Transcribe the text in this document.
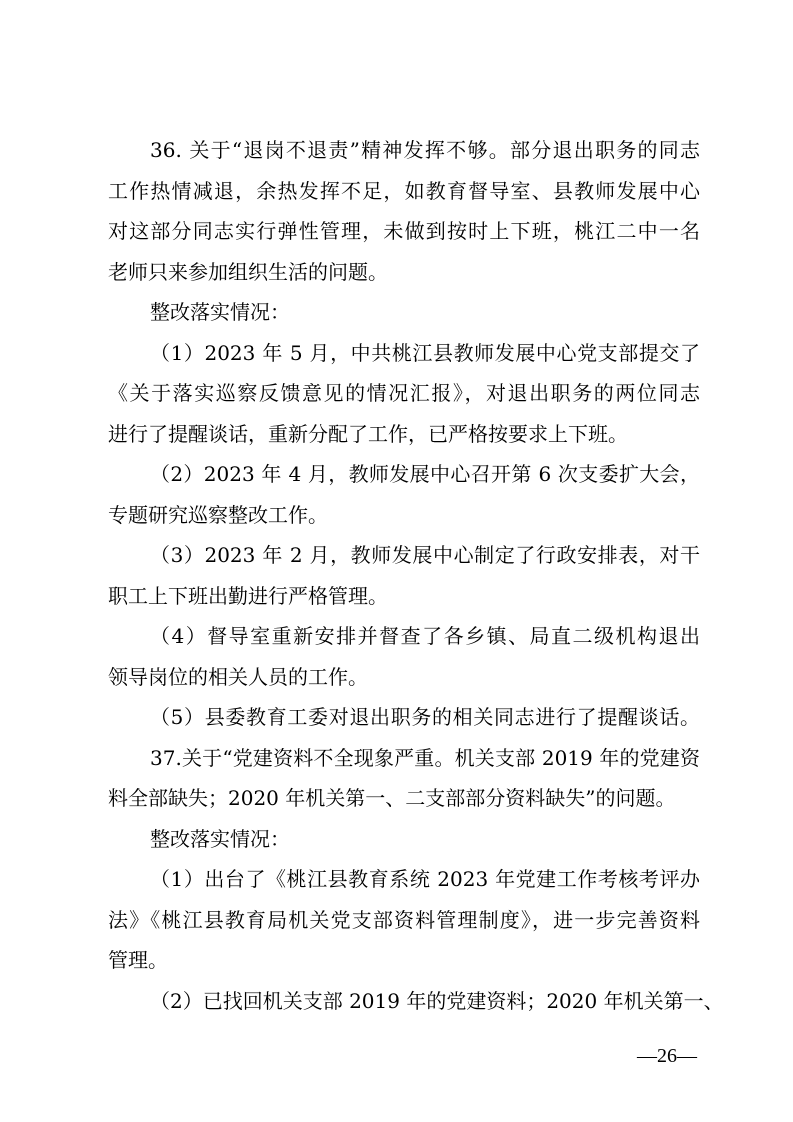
36. 关于“退岗不退责”精神发挥不够。部分退出职务的同志
工作热情减退，余热发挥不足，如教育督导室、县教师发展中心
对这部分同志实行弹性管理，未做到按时上下班，桃江二中一名
老师只来参加组织生活的问题。
整改落实情况：
（1）2023 年 5 月，中共桃江县教师发展中心党支部提交了
《关于落实巡察反馈意见的情况汇报》，对退出职务的两位同志
进行了提醒谈话，重新分配了工作，已严格按要求上下班。
（2）2023 年 4 月，教师发展中心召开第 6 次支委扩大会，
专题研究巡察整改工作。
（3）2023 年 2 月，教师发展中心制定了行政安排表，对干
职工上下班出勤进行严格管理。
（4）督导室重新安排并督查了各乡镇、局直二级机构退出
领导岗位的相关人员的工作。
（5）县委教育工委对退出职务的相关同志进行了提醒谈话。
37.关于“党建资料不全现象严重。机关支部 2019 年的党建资
料全部缺失；2020 年机关第一、二支部部分资料缺失”的问题。
整改落实情况：
（1）出台了《桃江县教育系统 2023 年党建工作考核考评办
法》《桃江县教育局机关党支部资料管理制度》，进一步完善资料
管理。
（2）已找回机关支部 2019 年的党建资料；2020 年机关第一、
—26—
